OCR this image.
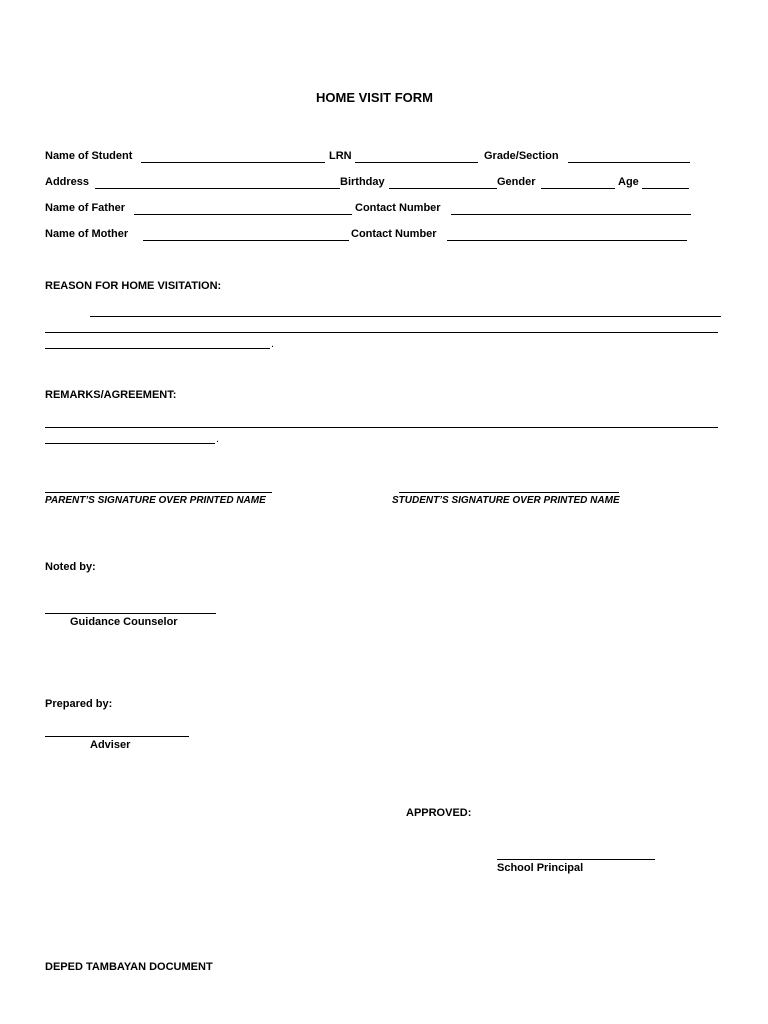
HOME VISIT FORM
Name of Student	LRN	Grade/Section
Address	Birthday	Gender	Age
Name of Father	Contact Number
Name of Mother	Contact Number
REASON FOR HOME VISITATION:
.
REMARKS/AGREEMENT:
.
PARENT’S SIGNATURE OVER PRINTED NAME	STUDENT’S SIGNATURE OVER PRINTED NAME
Noted by:
Guidance Counselor
Prepared by:
Adviser
APPROVED:
School Principal
DEPED TAMBAYAN DOCUMENT
